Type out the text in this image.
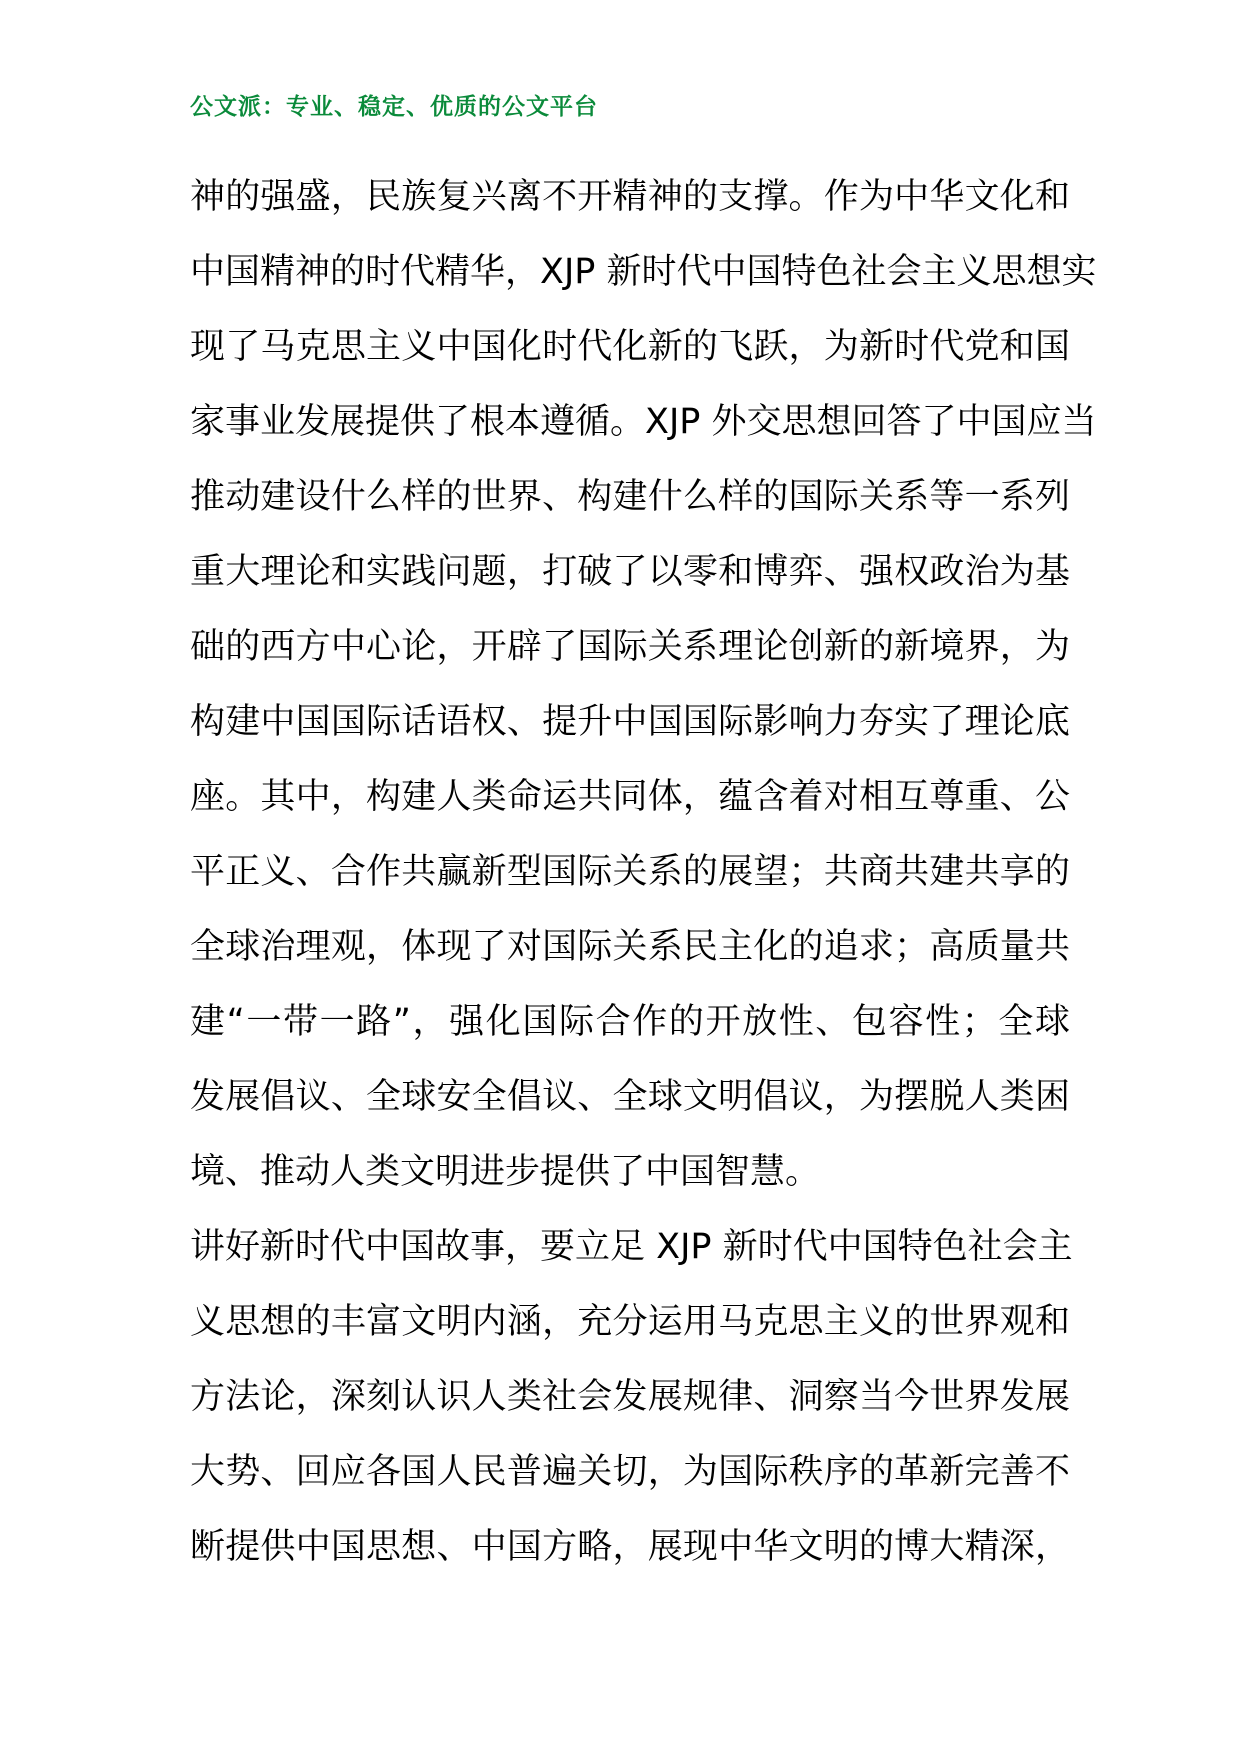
公文派：专业、稳定、优质的公文平台
神的强盛，民族复兴离不开精神的支撑。作为中华文化和
中国精神的时代精华，XJP 新时代中国特色社会主义思想实
现了马克思主义中国化时代化新的飞跃，为新时代党和国
家事业发展提供了根本遵循。XJP 外交思想回答了中国应当
推动建设什么样的世界、构建什么样的国际关系等一系列
重大理论和实践问题，打破了以零和博弈、强权政治为基
础的西方中心论，开辟了国际关系理论创新的新境界，为
构建中国国际话语权、提升中国国际影响力夯实了理论底
座。其中，构建人类命运共同体，蕴含着对相互尊重、公
平正义、合作共赢新型国际关系的展望；共商共建共享的
全球治理观，体现了对国际关系民主化的追求；高质量共
建“一带一路”，强化国际合作的开放性、包容性；全球
发展倡议、全球安全倡议、全球文明倡议，为摆脱人类困
境、推动人类文明进步提供了中国智慧。
讲好新时代中国故事，要立足 XJP 新时代中国特色社会主
义思想的丰富文明内涵，充分运用马克思主义的世界观和
方法论，深刻认识人类社会发展规律、洞察当今世界发展
大势、回应各国人民普遍关切，为国际秩序的革新完善不
断提供中国思想、中国方略，展现中华文明的博大精深，
